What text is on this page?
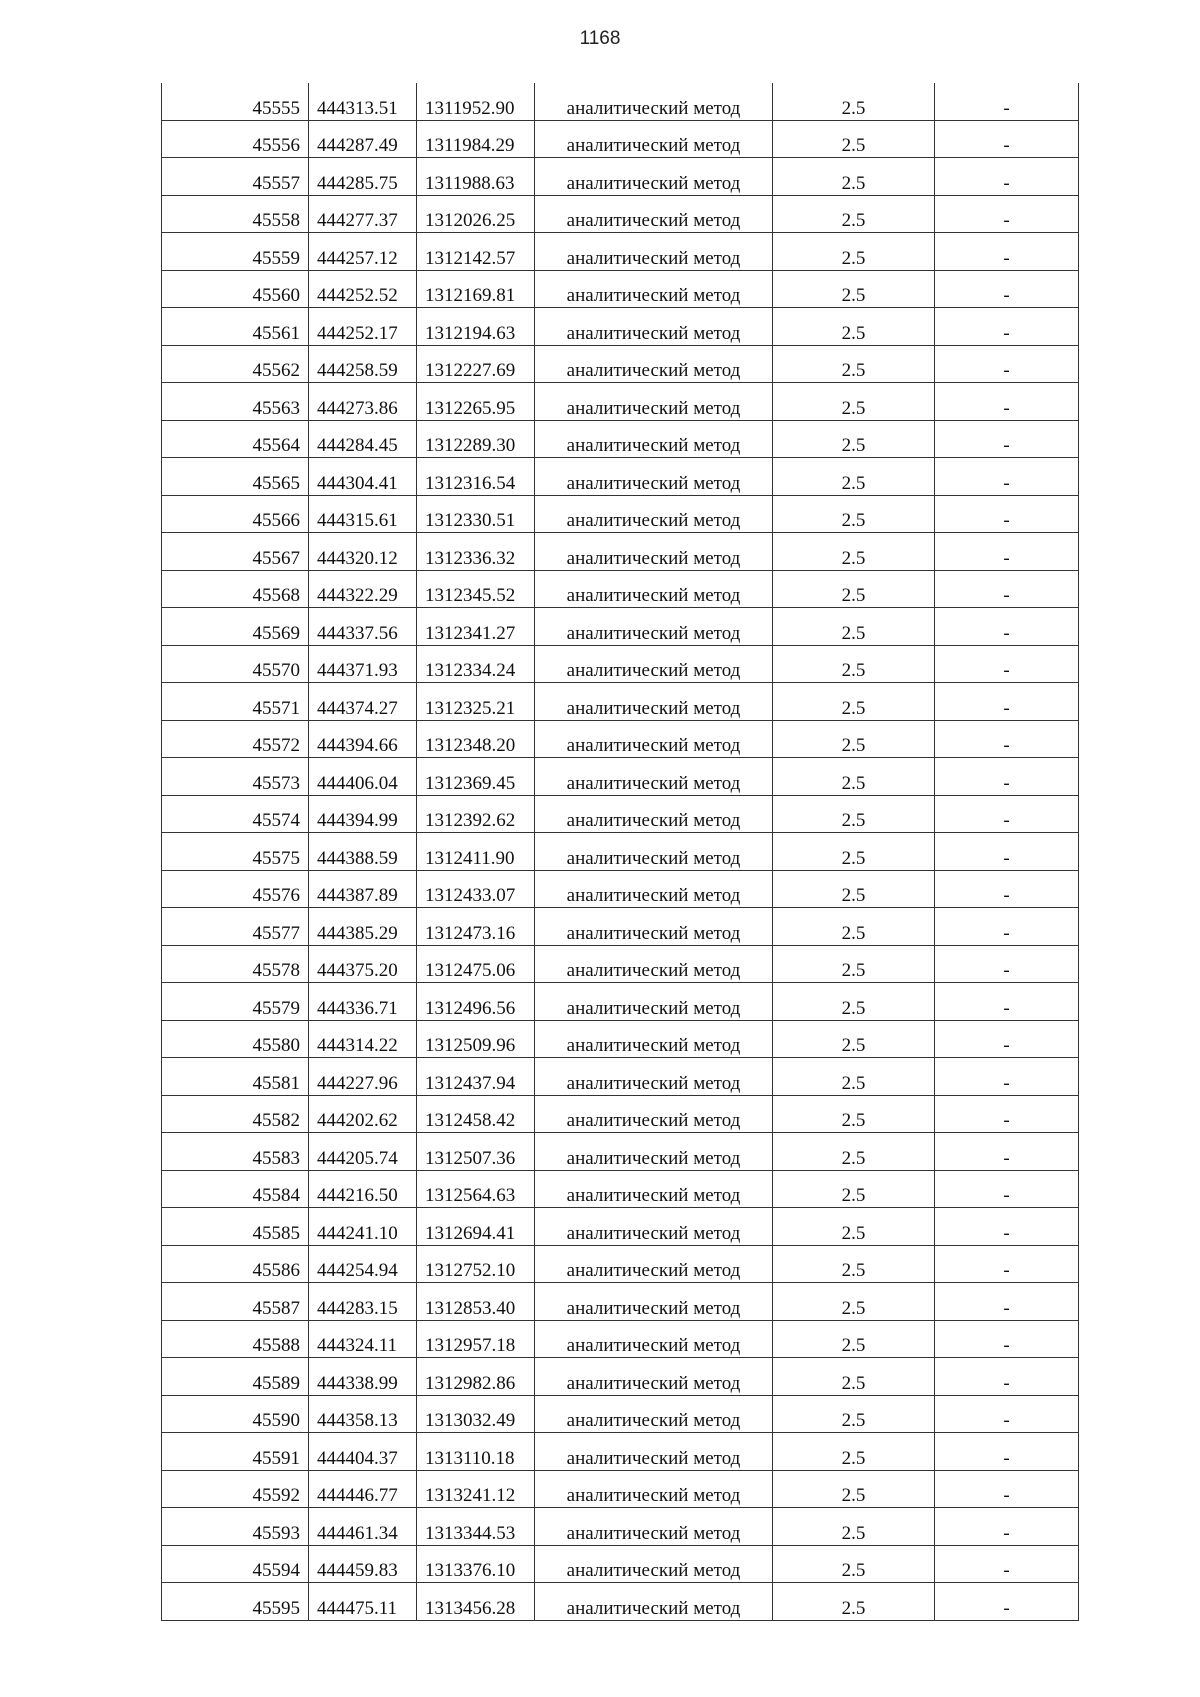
1168
45555	444313.51	1311952.90	аналитический метод	2.5	-
45556	444287.49	1311984.29	аналитический метод	2.5	-
45557	444285.75	1311988.63	аналитический метод	2.5	-
45558	444277.37	1312026.25	аналитический метод	2.5	-
45559	444257.12	1312142.57	аналитический метод	2.5	-
45560	444252.52	1312169.81	аналитический метод	2.5	-
45561	444252.17	1312194.63	аналитический метод	2.5	-
45562	444258.59	1312227.69	аналитический метод	2.5	-
45563	444273.86	1312265.95	аналитический метод	2.5	-
45564	444284.45	1312289.30	аналитический метод	2.5	-
45565	444304.41	1312316.54	аналитический метод	2.5	-
45566	444315.61	1312330.51	аналитический метод	2.5	-
45567	444320.12	1312336.32	аналитический метод	2.5	-
45568	444322.29	1312345.52	аналитический метод	2.5	-
45569	444337.56	1312341.27	аналитический метод	2.5	-
45570	444371.93	1312334.24	аналитический метод	2.5	-
45571	444374.27	1312325.21	аналитический метод	2.5	-
45572	444394.66	1312348.20	аналитический метод	2.5	-
45573	444406.04	1312369.45	аналитический метод	2.5	-
45574	444394.99	1312392.62	аналитический метод	2.5	-
45575	444388.59	1312411.90	аналитический метод	2.5	-
45576	444387.89	1312433.07	аналитический метод	2.5	-
45577	444385.29	1312473.16	аналитический метод	2.5	-
45578	444375.20	1312475.06	аналитический метод	2.5	-
45579	444336.71	1312496.56	аналитический метод	2.5	-
45580	444314.22	1312509.96	аналитический метод	2.5	-
45581	444227.96	1312437.94	аналитический метод	2.5	-
45582	444202.62	1312458.42	аналитический метод	2.5	-
45583	444205.74	1312507.36	аналитический метод	2.5	-
45584	444216.50	1312564.63	аналитический метод	2.5	-
45585	444241.10	1312694.41	аналитический метод	2.5	-
45586	444254.94	1312752.10	аналитический метод	2.5	-
45587	444283.15	1312853.40	аналитический метод	2.5	-
45588	444324.11	1312957.18	аналитический метод	2.5	-
45589	444338.99	1312982.86	аналитический метод	2.5	-
45590	444358.13	1313032.49	аналитический метод	2.5	-
45591	444404.37	1313110.18	аналитический метод	2.5	-
45592	444446.77	1313241.12	аналитический метод	2.5	-
45593	444461.34	1313344.53	аналитический метод	2.5	-
45594	444459.83	1313376.10	аналитический метод	2.5	-
45595	444475.11	1313456.28	аналитический метод	2.5	-
